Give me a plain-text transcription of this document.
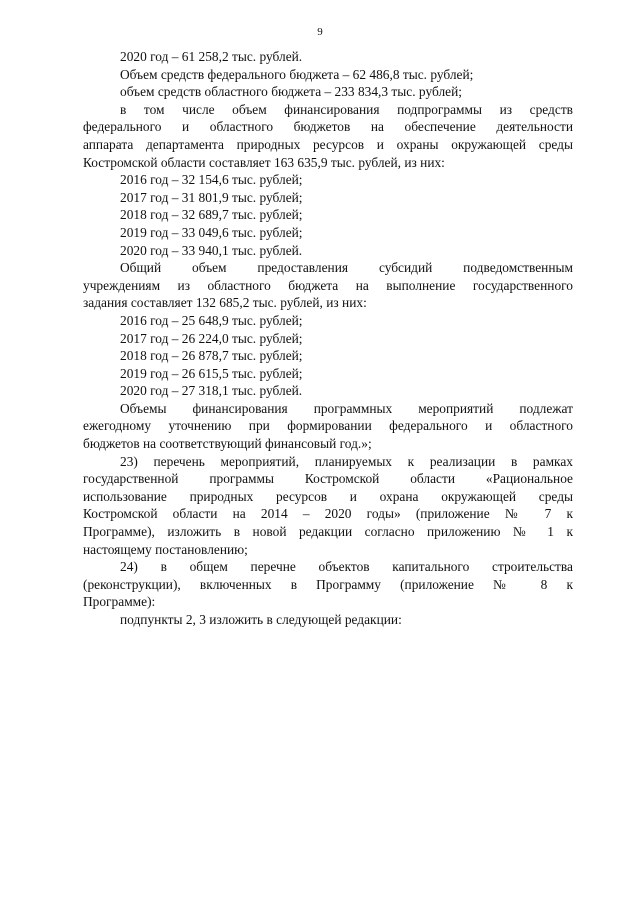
9
2020 год – 61 258,2 тыс. рублей.
Объем средств федерального бюджета – 62 486,8 тыс. рублей;
объем средств областного бюджета – 233 834,3 тыс. рублей;
в том числе объем финансирования подпрограммы из средств
федерального и областного бюджетов на обеспечение деятельности
аппарата департамента природных ресурсов и охраны окружающей среды
Костромской области составляет 163 635,9 тыс. рублей, из них:
2016 год – 32 154,6 тыс. рублей;
2017 год – 31 801,9 тыс. рублей;
2018 год – 32 689,7 тыс. рублей;
2019 год – 33 049,6 тыс. рублей;
2020 год – 33 940,1 тыс. рублей.
Общий объем предоставления субсидий подведомственным
учреждениям из областного бюджета на выполнение государственного
задания составляет 132 685,2 тыс. рублей, из них:
2016 год – 25 648,9 тыс. рублей;
2017 год – 26 224,0 тыс. рублей;
2018 год – 26 878,7 тыс. рублей;
2019 год – 26 615,5 тыс. рублей;
2020 год – 27 318,1 тыс. рублей.
Объемы финансирования программных мероприятий подлежат
ежегодному уточнению при формировании федерального и областного
бюджетов на соответствующий финансовый год.»;
23) перечень мероприятий, планируемых к реализации в рамках
государственной программы Костромской области «Рациональное
использование природных ресурсов и охрана окружающей среды
Костромской области на 2014 – 2020 годы» (приложение № 7 к
Программе), изложить в новой редакции согласно приложению № 1 к
настоящему постановлению;
24) в общем перечне объектов капитального строительства
(реконструкции), включенных в Программу (приложение № 8 к
Программе):
подпункты 2, 3 изложить в следующей редакции:
